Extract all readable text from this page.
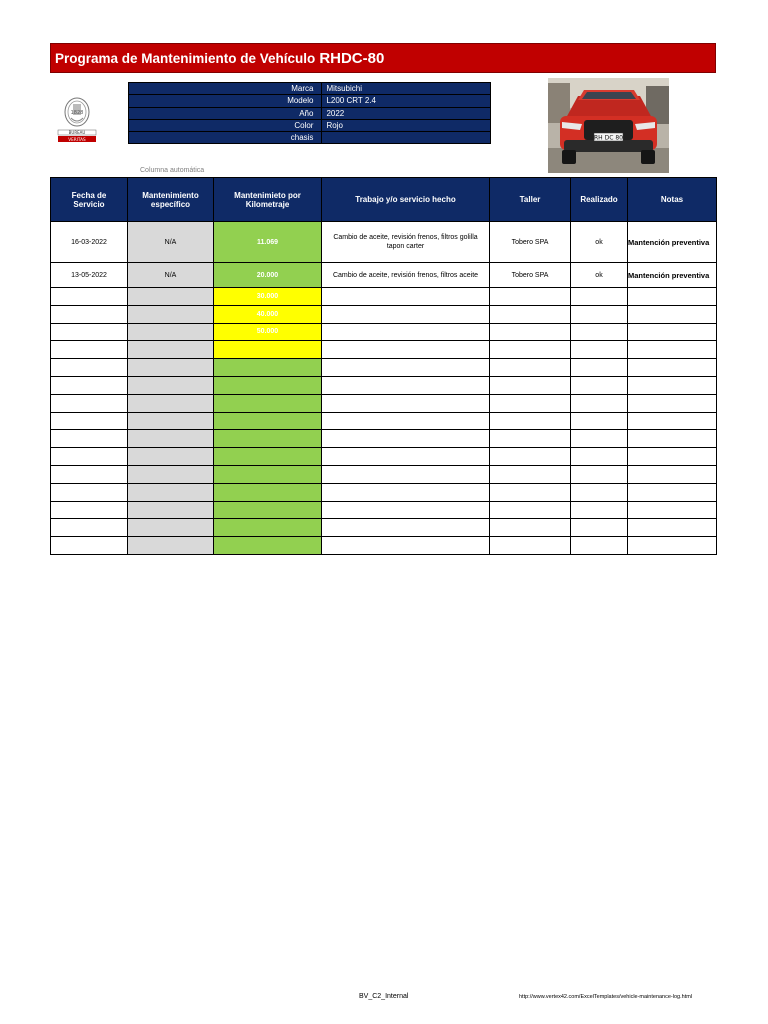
Programa de Mantenimiento de Vehículo RHDC-80
1828
BUREAU
VERITAS
Marca	Mitsubichi
Modelo	L200 CRT 2.4
Año	2022
Color	Rojo
chasis		RH DC 80
Columna automática
Fecha de Servicio	Mantenimiento específico	Mantenimieto por Kilometraje	Trabajo y/o servicio hecho	Taller	Realizado	Notas
16-03-2022	N/A	11.069	Cambio de aceite, revisión frenos, filtros golilla tapon carter	Tobero SPA	ok	Mantención preventiva
13-05-2022	N/A	20.000	Cambio de aceite, revisión frenos, filtros aceite	Tobero SPA	ok	Mantención preventiva
		30.000				
		40.000				
		50.000				

BV_C2_Internal	http://www.vertex42.com/ExcelTemplates/vehicle-maintenance-log.html
